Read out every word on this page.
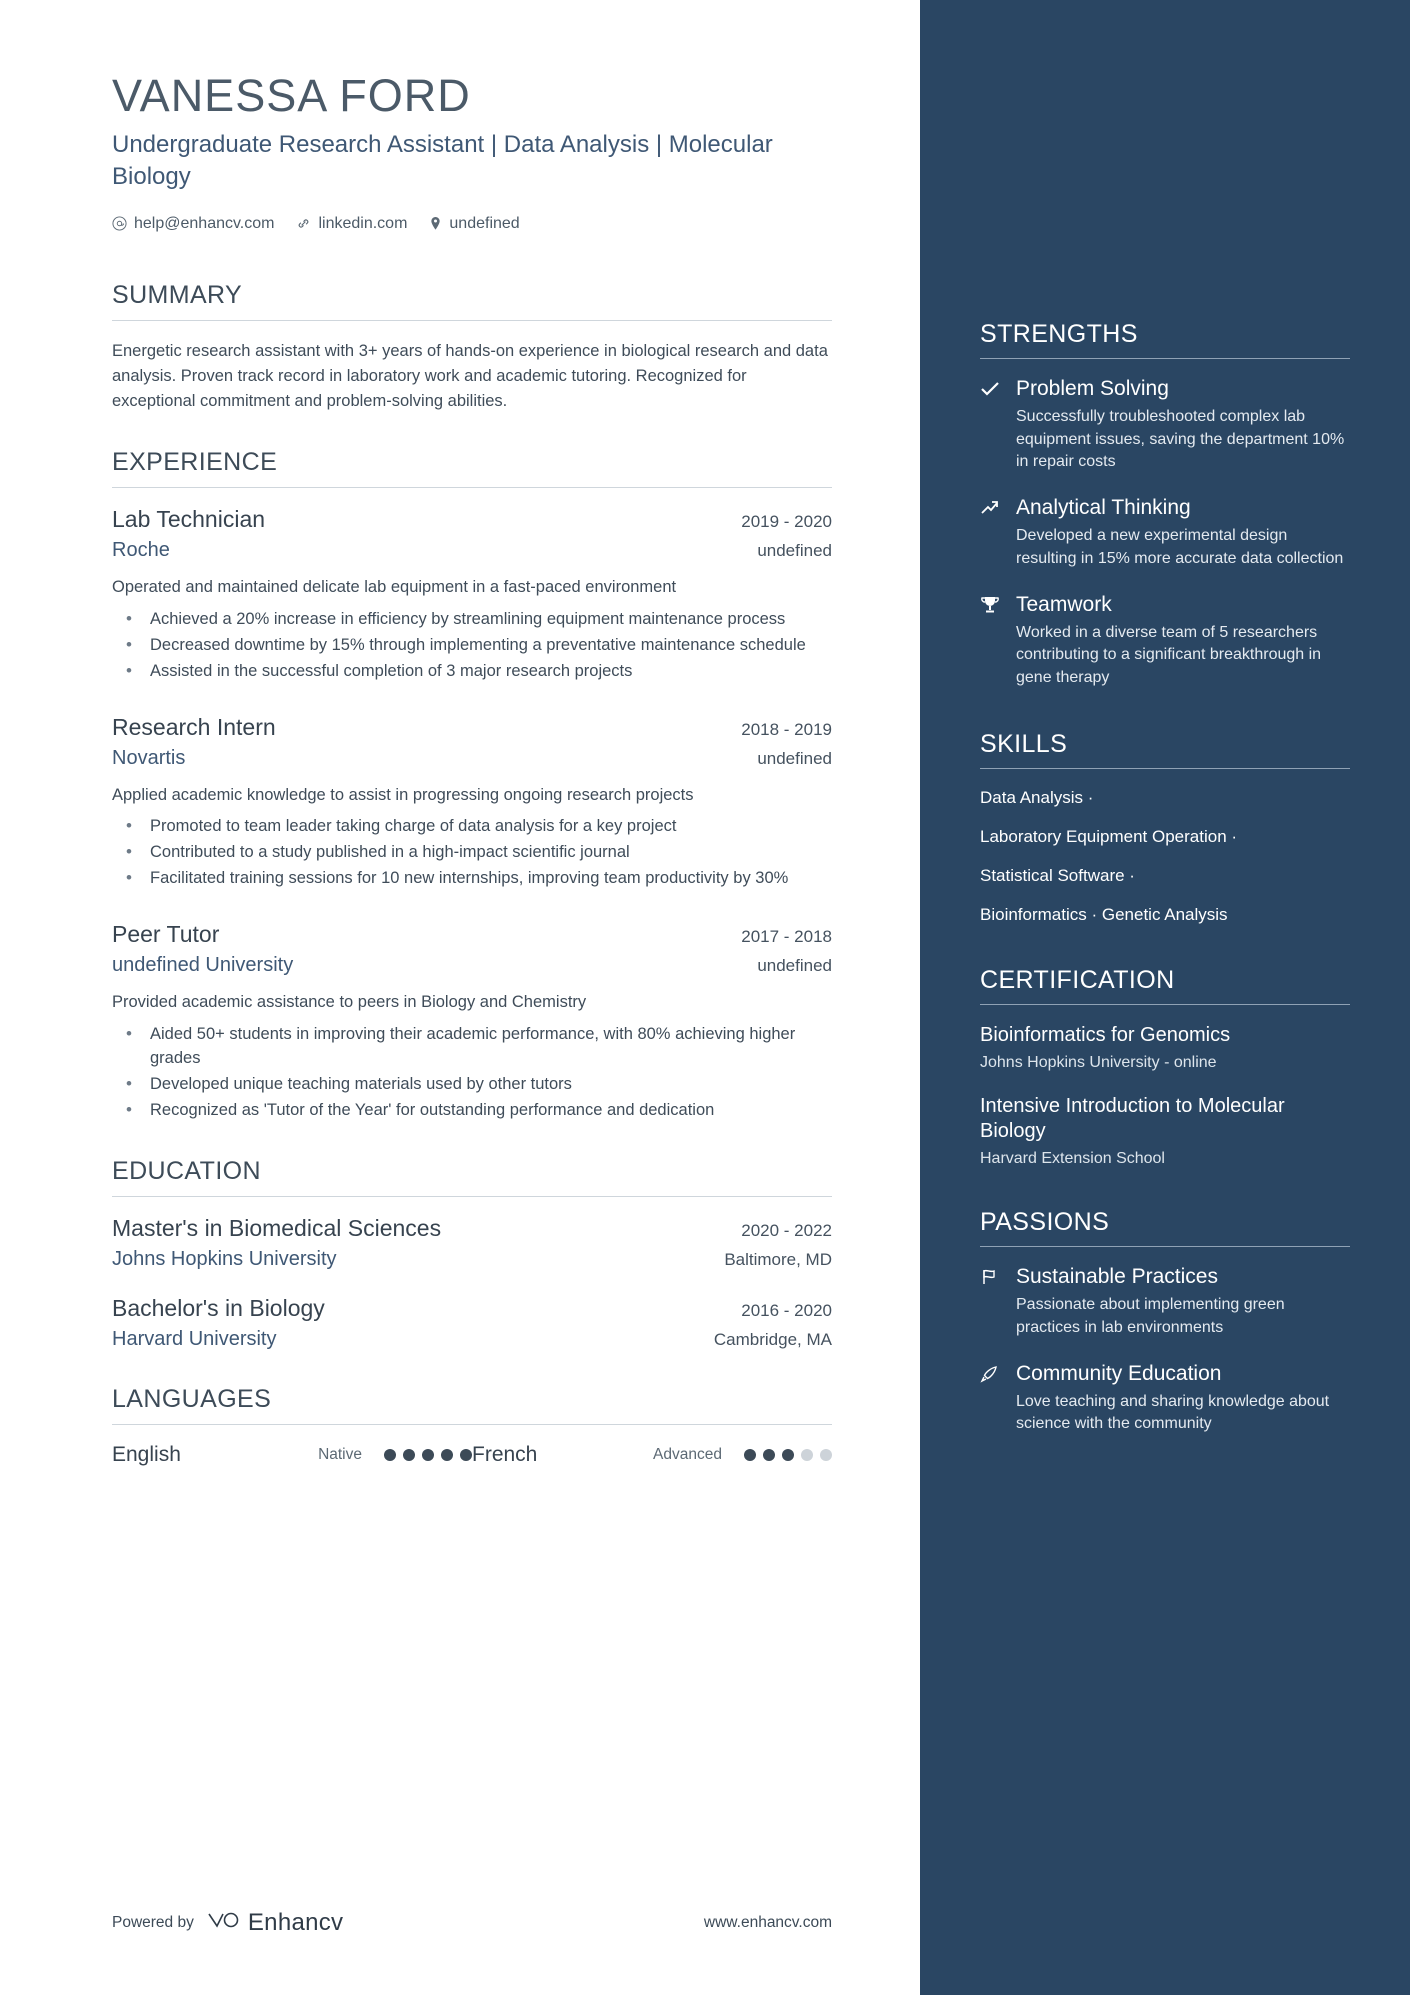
VANESSA FORD
Undergraduate Research Assistant | Data Analysis | Molecular Biology
help@enhancv.com	linkedin.com	undefined
SUMMARY
Energetic research assistant with 3+ years of hands-on experience in biological research and data analysis. Proven track record in laboratory work and academic tutoring. Recognized for exceptional commitment and problem-solving abilities.
EXPERIENCE
Lab Technician	2019 - 2020
Roche	undefined
Operated and maintained delicate lab equipment in a fast-paced environment
• Achieved a 20% increase in efficiency by streamlining equipment maintenance process
• Decreased downtime by 15% through implementing a preventative maintenance schedule
• Assisted in the successful completion of 3 major research projects
Research Intern	2018 - 2019
Novartis	undefined
Applied academic knowledge to assist in progressing ongoing research projects
• Promoted to team leader taking charge of data analysis for a key project
• Contributed to a study published in a high-impact scientific journal
• Facilitated training sessions for 10 new internships, improving team productivity by 30%
Peer Tutor	2017 - 2018
undefined University	undefined
Provided academic assistance to peers in Biology and Chemistry
• Aided 50+ students in improving their academic performance, with 80% achieving higher grades
• Developed unique teaching materials used by other tutors
• Recognized as 'Tutor of the Year' for outstanding performance and dedication
EDUCATION
Master's in Biomedical Sciences	2020 - 2022
Johns Hopkins University	Baltimore, MD
Bachelor's in Biology	2016 - 2020
Harvard University	Cambridge, MA
LANGUAGES
English	Native	French	Advanced
Powered by Enhancv	www.enhancv.com
STRENGTHS
Problem Solving
Successfully troubleshooted complex lab equipment issues, saving the department 10% in repair costs
Analytical Thinking
Developed a new experimental design resulting in 15% more accurate data collection
Teamwork
Worked in a diverse team of 5 researchers contributing to a significant breakthrough in gene therapy
SKILLS
Data Analysis ·
Laboratory Equipment Operation ·
Statistical Software ·
Bioinformatics · Genetic Analysis
CERTIFICATION
Bioinformatics for Genomics
Johns Hopkins University - online
Intensive Introduction to Molecular Biology
Harvard Extension School
PASSIONS
Sustainable Practices
Passionate about implementing green practices in lab environments
Community Education
Love teaching and sharing knowledge about science with the community
